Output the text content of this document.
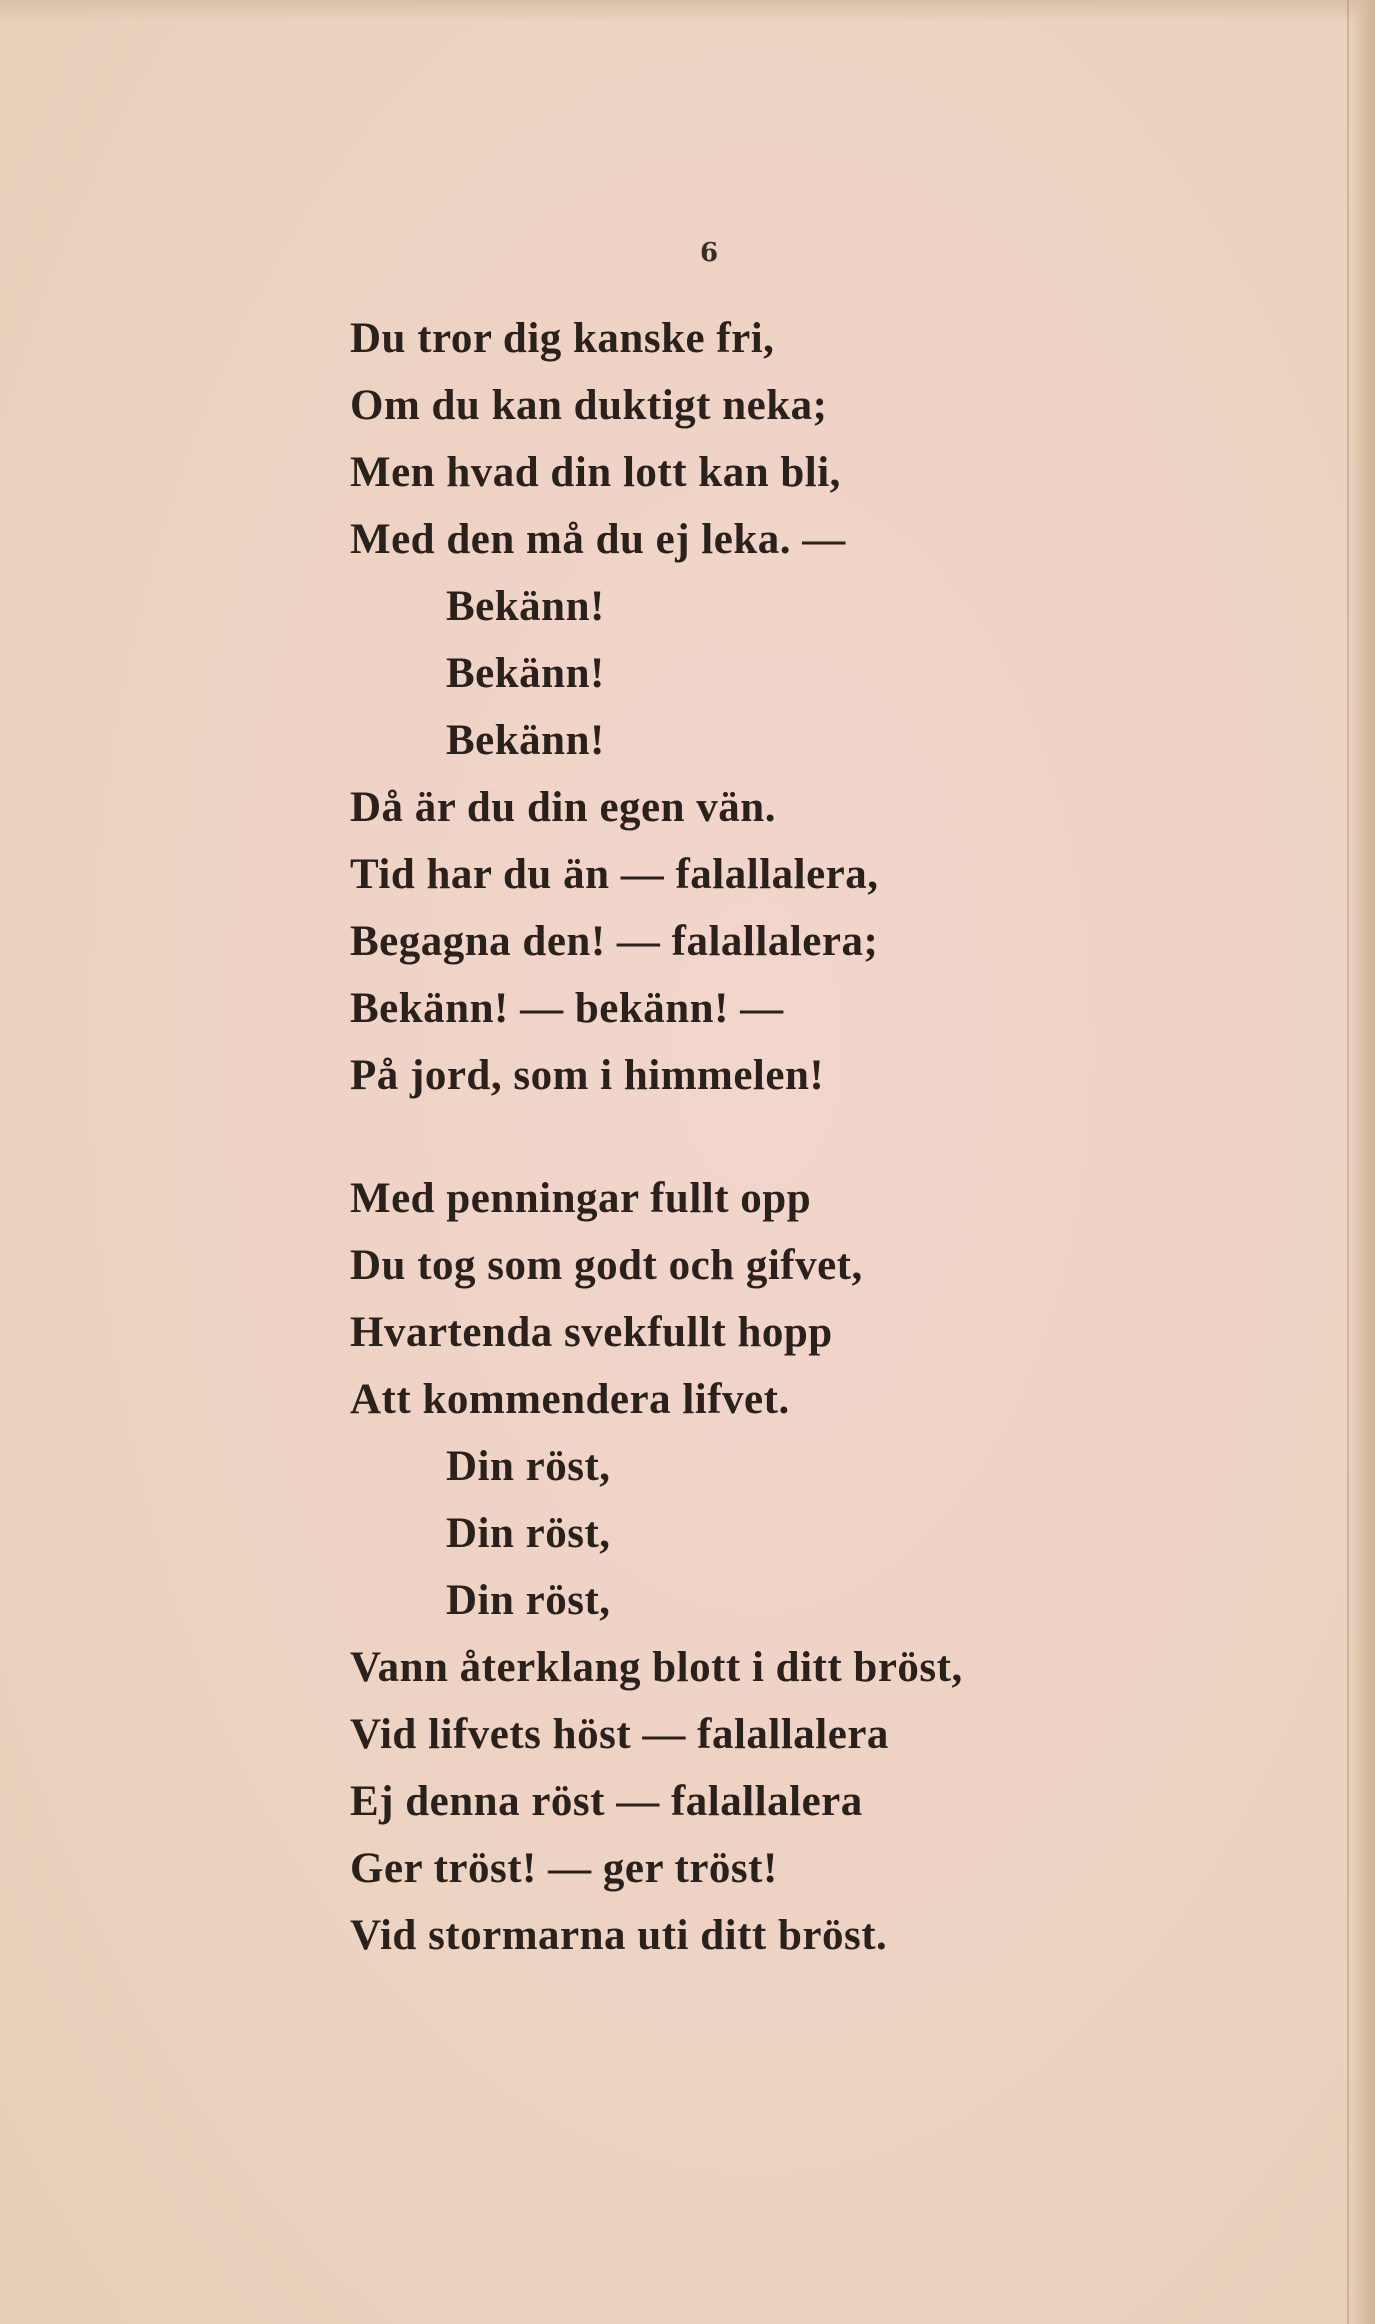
6
Du tror dig kanske fri,
Om du kan duktigt neka;
Men hvad din lott kan bli,
Med den må du ej leka. —
Bekänn!
Bekänn!
Bekänn!
Då är du din egen vän.
Tid har du än — falallalera,
Begagna den! — falallalera;
Bekänn! — bekänn! —
På jord, som i himmelen!
Med penningar fullt opp
Du tog som godt och gifvet,
Hvartenda svekfullt hopp
Att kommendera lifvet.
Din röst,
Din röst,
Din röst,
Vann återklang blott i ditt bröst,
Vid lifvets höst — falallalera
Ej denna röst — falallalera
Ger tröst! — ger tröst!
Vid stormarna uti ditt bröst.
